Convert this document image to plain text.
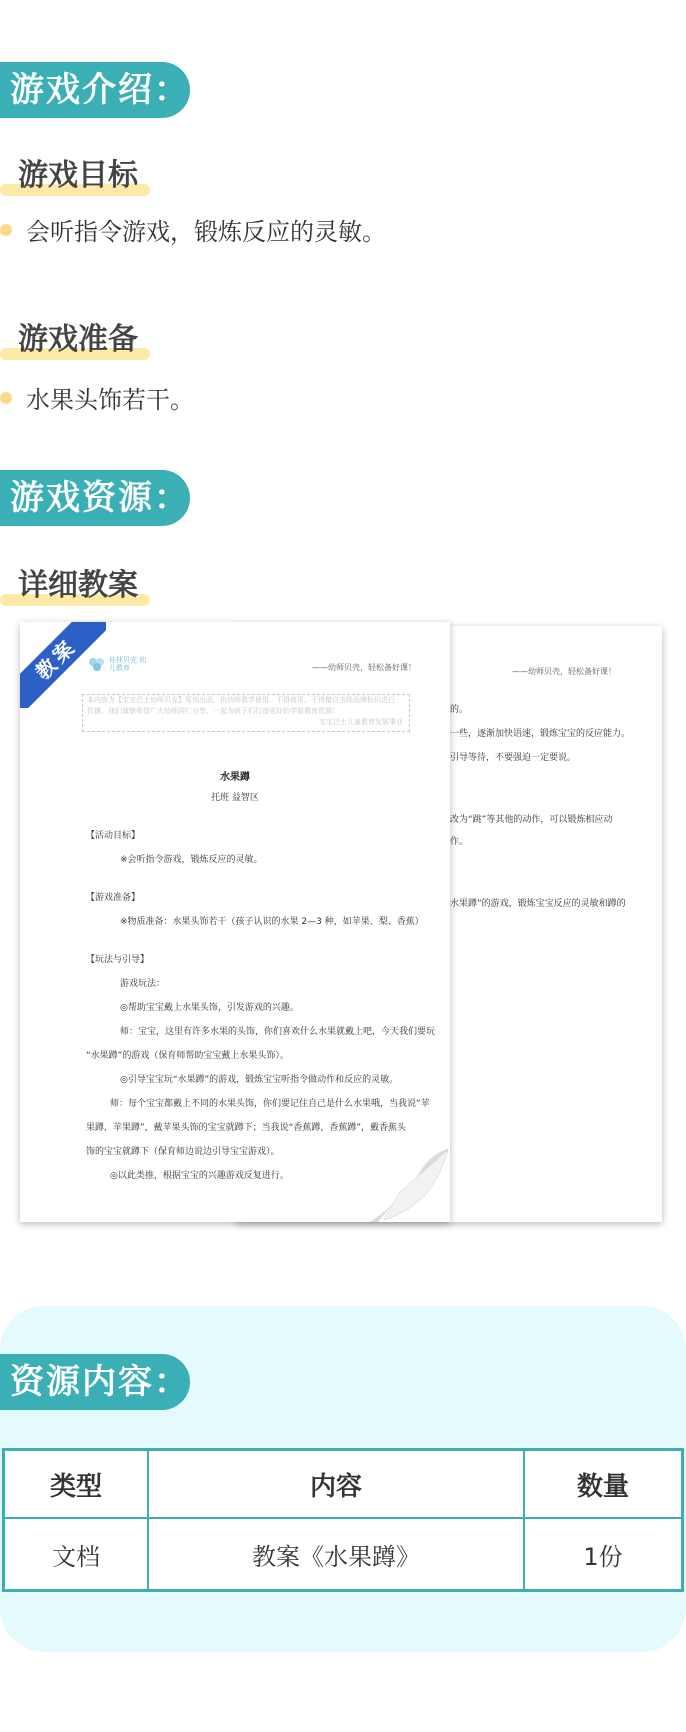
游戏介绍：
游戏目标
会听指令游戏，锻炼反应的灵敏。
游戏准备
水果头饰若干。
游戏资源：
详细教案
——幼师贝壳，轻松备好课！
的。
一些，逐渐加快语速，锻炼宝宝的反应能力。
引导等待，不要强迫一定要说。
改为“跳”等其他的动作，可以锻炼相应动
作。
水果蹲”的游戏，锻炼宝宝反应的灵敏和蹲的
教案	桂林贝壳 幼儿教育	——幼师贝壳，轻松备好课！
本内容为【宝宝巴士幼师贝壳】原创出品，供幼师教学使用，不得商用。不得擅自去除品牌标识进行
传播。我们诚挚希望广大幼师同仁分享，一起为孩子们打造更好的学前教育资源！
宝宝巴士儿童教育发展事业
水果蹲
托班 益智区
【活动目标】
※会听指令游戏，锻炼反应的灵敏。
【游戏准备】
※物质准备：水果头饰若干（孩子认识的水果 2—3 种，如苹果、梨、香蕉）
【玩法与引导】
游戏玩法：
◎帮助宝宝戴上水果头饰，引发游戏的兴趣。
师：宝宝，这里有许多水果的头饰，你们喜欢什么水果就戴上吧，今天我们要玩
“水果蹲”的游戏（保育师帮助宝宝戴上水果头饰）。
◎引导宝宝玩“水果蹲”的游戏，锻炼宝宝听指令做动作和反应的灵敏。
师：每个宝宝都戴上不同的水果头饰，你们要记住自己是什么水果哦，当我说“苹
果蹲，苹果蹲”，戴苹果头饰的宝宝就蹲下；当我说“香蕉蹲，香蕉蹲”，戴香蕉头
饰的宝宝就蹲下（保育师边说边引导宝宝游戏）。
◎以此类推，根据宝宝的兴趣游戏反复进行。
资源内容：
类型	内容	数量
文档	教案《水果蹲》	1份
